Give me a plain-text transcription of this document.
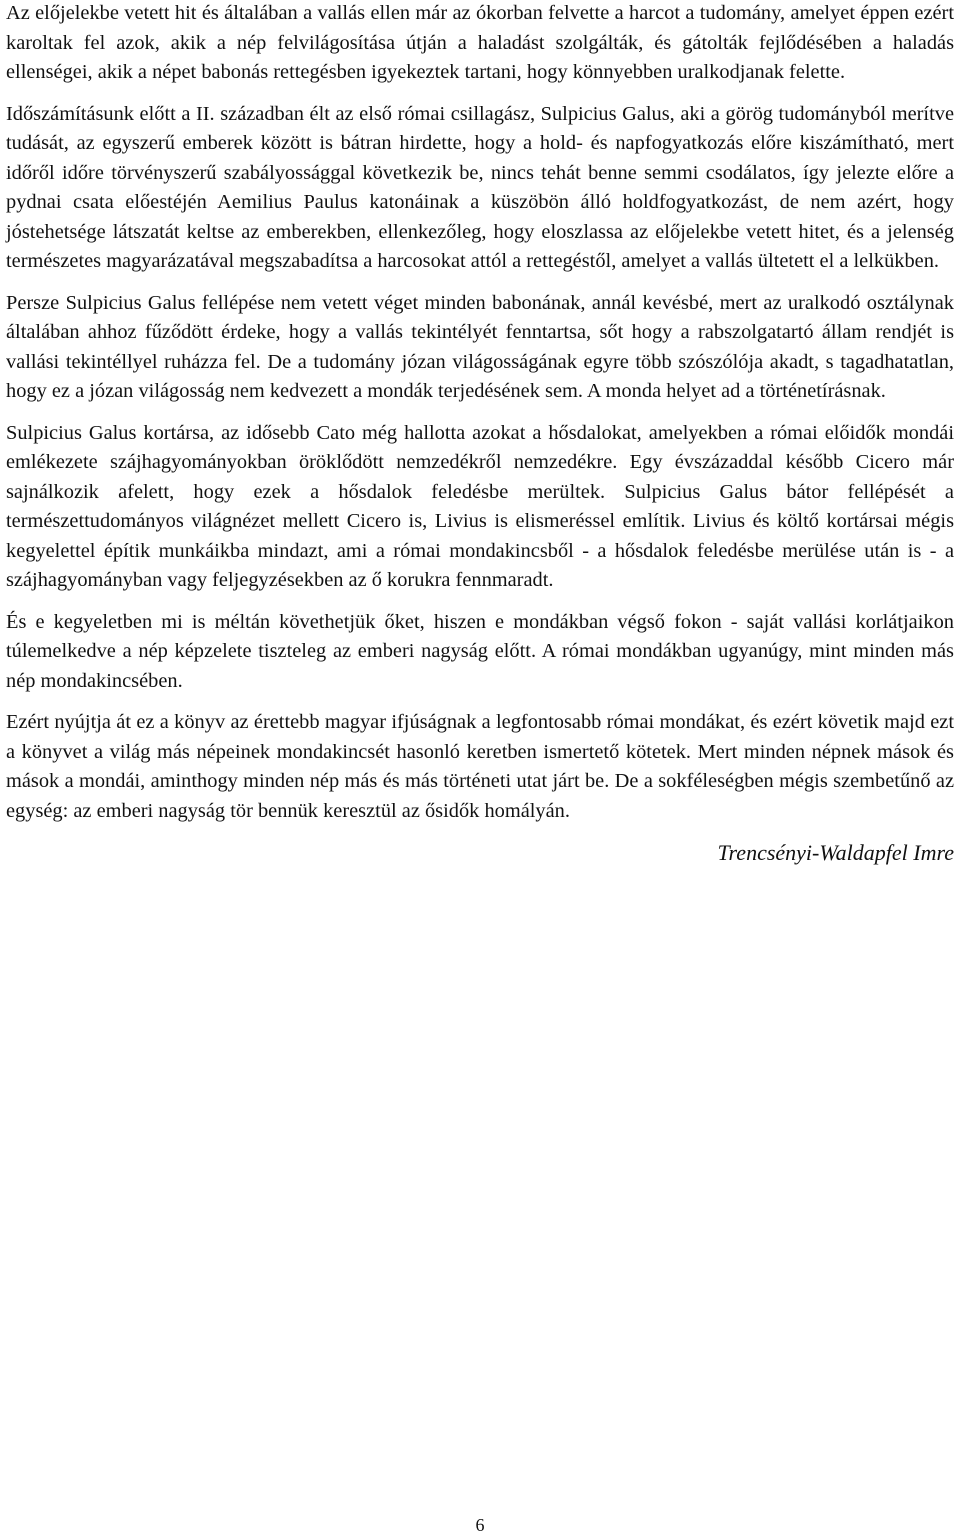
Az előjelekbe vetett hit és általában a vallás ellen már az ókorban felvette a harcot a tudomány, amelyet éppen ezért karoltak fel azok, akik a nép felvilágosítása útján a haladást szolgálták, és gátolták fejlődésében a haladás ellenségei, akik a népet babonás rettegésben igyekeztek tartani, hogy könnyebben uralkodjanak felette.

Időszámításunk előtt a II. században élt az első római csillagász, Sulpicius Galus, aki a görög tudományból merítve tudását, az egyszerű emberek között is bátran hirdette, hogy a hold- és napfogyatkozás előre kiszámítható, mert időről időre törvényszerű szabályossággal következik be, nincs tehát benne semmi csodálatos, így jelezte előre a pydnai csata előestéjén Aemilius Paulus katonáinak a küszöbön álló holdfogyatkozást, de nem azért, hogy jóstehetsége látszatát keltse az emberekben, ellenkezőleg, hogy eloszlassa az előjelekbe vetett hitet, és a jelenség természetes magyarázatával megszabadítsa a harcosokat attól a rettegéstől, amelyet a vallás ültetett el a lelkükben.

Persze Sulpicius Galus fellépése nem vetett véget minden babonának, annál kevésbé, mert az uralkodó osztálynak általában ahhoz fűződött érdeke, hogy a vallás tekintélyét fenntartsa, sőt hogy a rabszolgatartó állam rendjét is vallási tekintéllyel ruházza fel. De a tudomány józan világosságának egyre több szószólója akadt, s tagadhatatlan, hogy ez a józan világosság nem kedvezett a mondák terjedésének sem. A monda helyet ad a történetírásnak.

Sulpicius Galus kortársa, az idősebb Cato még hallotta azokat a hősdalokat, amelyekben a római előidők mondái emlékezete szájhagyományokban öröklődött nemzedékről nemzedékre. Egy évszázaddal később Cicero már sajnálkozik afelett, hogy ezek a hősdalok feledésbe merültek. Sulpicius Galus bátor fellépését a természettudományos világnézet mellett Cicero is, Livius is elismeréssel említik. Livius és költő kortársai mégis kegyelettel építik munkáikba mindazt, ami a római mondakincsből - a hősdalok feledésbe merülése után is - a szájhagyományban vagy feljegyzésekben az ő korukra fennmaradt.

És e kegyeletben mi is méltán követhetjük őket, hiszen e mondákban végső fokon - saját vallási korlátjaikon túlemelkedve a nép képzelete tiszteleg az emberi nagyság előtt. A római mondákban ugyanúgy, mint minden más nép mondakincsében.

Ezért nyújtja át ez a könyv az érettebb magyar ifjúságnak a legfontosabb római mondákat, és ezért követik majd ezt a könyvet a világ más népeinek mondakincsét hasonló keretben ismertető kötetek. Mert minden népnek mások és mások a mondái, aminthogy minden nép más és más történeti utat járt be. De a sokféleségben mégis szembetűnő az egység: az emberi nagyság tör bennük keresztül az ősidők homályán.

Trencsényi-Waldapfel Imre

6
